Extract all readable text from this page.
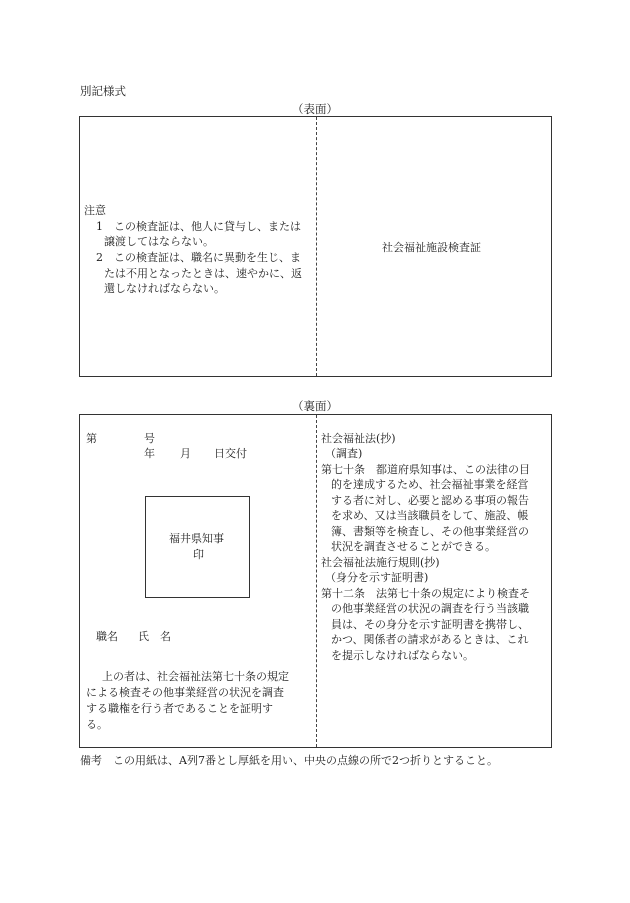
別記様式
（表面）
注意
1　この検査証は、他人に貸与し、または
譲渡してはならない。
2　この検査証は、職名に異動を生じ、ま
たは不用となったときは、速やかに、返
還しなければならない。
社会福祉施設検査証
（裏面）
第	号
年 月 日交付
福井県知事
印
職名 氏　名
上の者は、社会福祉法第七十条の規定
による検査その他事業経営の状況を調査
する職権を行う者であることを証明す
る。
社会福祉法(抄)
（調査)
第七十条　都道府県知事は、この法律の目
的を達成するため、社会福祉事業を経営
する者に対し、必要と認める事項の報告
を求め、又は当該職員をして、施設、帳
簿、書類等を検査し、その他事業経営の
状況を調査させることができる。
社会福祉法施行規則(抄)
（身分を示す証明書)
第十二条　法第七十条の規定により検査そ
の他事業経営の状況の調査を行う当該職
員は、その身分を示す証明書を携帯し、
かつ、関係者の請求があるときは、これ
を提示しなければならない。
備考　この用紙は、A列7番とし厚紙を用い、中央の点線の所で2つ折りとすること。
